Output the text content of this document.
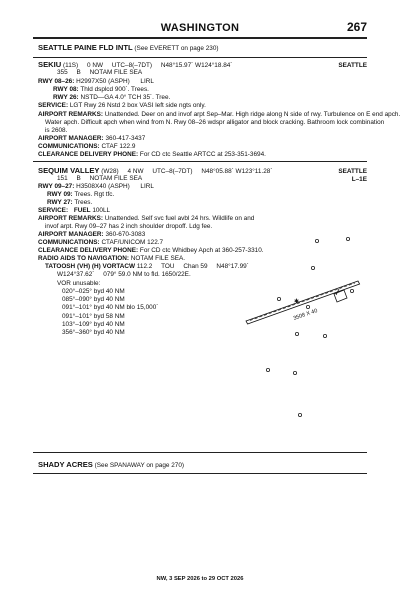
WASHINGTON	267
SEATTLE PAINE FLD INTL (See EVERETT on page 230)
SEKIU (11S)     0 NW     UTC–8(–7DT)     N48°15.97´ W124°18.84´	SEATTLE
355     B     NOTAM FILE SEA
RWY 08–26: H2997X50 (ASPH)      LIRL
RWY 08: Thld dsplcd 900´. Trees.
RWY 26: NSTD—GA 4.0° TCH 35´. Tree.
SERVICE: LGT Rwy 26 Nstd 2 box VASI left side ngts only.
AIRPORT REMARKS: Unattended. Deer on and invof arpt Sep–Mar. High ridge along N side of rwy. Turbulence on E end apch.
Water apch. Difficult apch when wind from N. Rwy 08–26 wdspr alligator and block cracking. Bathroom lock combination
is 2608.
AIRPORT MANAGER: 360-417-3437
COMMUNICATIONS: CTAF 122.9
CLEARANCE DELIVERY PHONE: For CD ctc Seattle ARTCC at 253-351-3694.
SEQUIM VALLEY (W28)     4 NW     UTC–8(–7DT)     N48°05.88´ W123°11.28´	SEATTLE
L–1E
151     B     NOTAM FILE SEA
RWY 09–27: H3508X40 (ASPH)      LIRL
RWY 09: Trees. Rgt tfc.
RWY 27: Trees.
SERVICE: FUEL 100LL
AIRPORT REMARKS: Unattended. Self svc fuel avbl 24 hrs. Wildlife on and
invof arpt. Rwy 09–27 has 2 inch shoulder dropoff. Ldg fee.
AIRPORT MANAGER: 360-670-3083
COMMUNICATIONS: CTAF/UNICOM 122.7
CLEARANCE DELIVERY PHONE: For CD ctc Whidbey Apch at 360-257-3310.
RADIO AIDS TO NAVIGATION: NOTAM FILE SEA.
TATOOSH (VH) (H) VORTACW 112.2     TOU     Chan 59     N48°17.99´
W124°37.62´     079° 59.0 NM to fld. 1650/22E.
VOR unusable:
020°–025° byd 40 NM
085°–090° byd 40 NM
091°–101° byd 40 NM blo 15,000´
091°–101° byd 58 NM
103°–109° byd 40 NM
356°–360° byd 40 NM
3508 X 40
✱
SHADY ACRES (See SPANAWAY on page 270)
NW, 3 SEP 2026 to 29 OCT 2026
